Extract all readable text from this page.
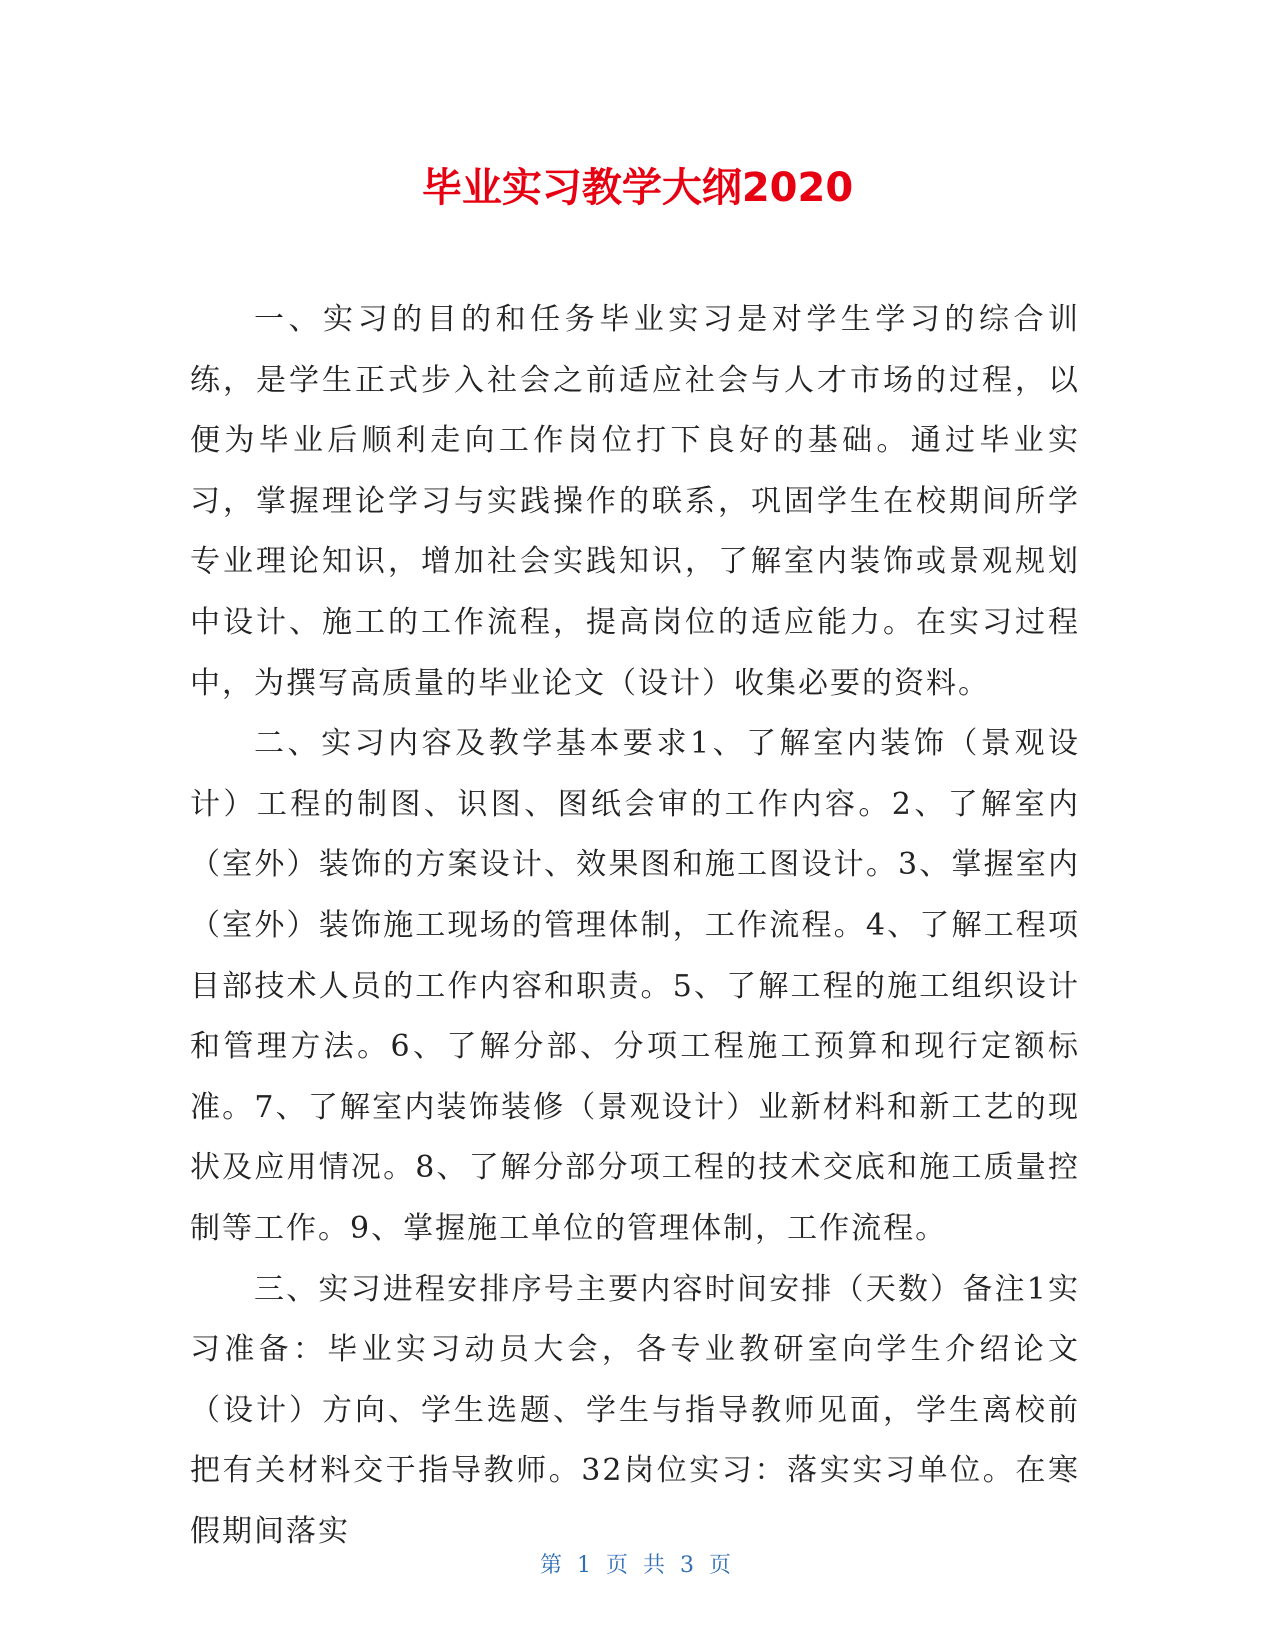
毕业实习教学大纲2020

一、实习的目的和任务毕业实习是对学生学习的综合训练，是学生正式步入社会之前适应社会与人才市场的过程，以便为毕业后顺利走向工作岗位打下良好的基础。通过毕业实习，掌握理论学习与实践操作的联系，巩固学生在校期间所学专业理论知识，增加社会实践知识，了解室内装饰或景观规划中设计、施工的工作流程，提高岗位的适应能力。在实习过程中，为撰写高质量的毕业论文（设计）收集必要的资料。

二、实习内容及教学基本要求1、了解室内装饰（景观设计）工程的制图、识图、图纸会审的工作内容。2、了解室内（室外）装饰的方案设计、效果图和施工图设计。3、掌握室内（室外）装饰施工现场的管理体制，工作流程。4、了解工程项目部技术人员的工作内容和职责。5、了解工程的施工组织设计和管理方法。6、了解分部、分项工程施工预算和现行定额标准。7、了解室内装饰装修（景观设计）业新材料和新工艺的现状及应用情况。8、了解分部分项工程的技术交底和施工质量控制等工作。9、掌握施工单位的管理体制，工作流程。

三、实习进程安排序号主要内容时间安排（天数）备注1实习准备：毕业实习动员大会，各专业教研室向学生介绍论文（设计）方向、学生选题、学生与指导教师见面，学生离校前把有关材料交于指导教师。32岗位实习：落实实习单位。在寒假期间落实

第 1 页 共 3 页
